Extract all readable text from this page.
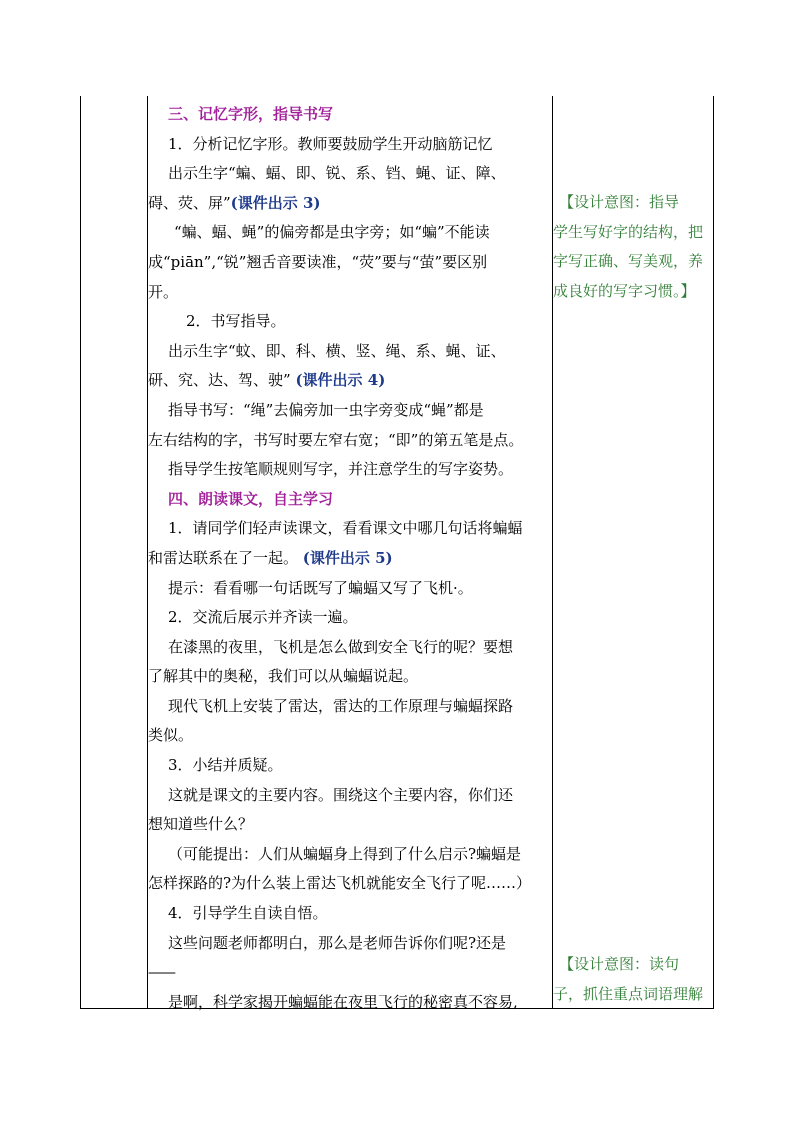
三、记忆字形，指导书写
1．分析记忆字形。教师要鼓励学生开动脑筋记忆
出示生字“蝙、蝠、即、锐、系、铛、蝇、证、障、
碍、荧、屏”(课件出示 3)
“蝙、蝠、蝇”的偏旁都是虫字旁；如“蝙”不能读
成“piān”,“锐”翘舌音要读准，“荧”要与“萤”要区别
开。
2．书写指导。
出示生字“蚊、即、科、横、竖、绳、系、蝇、证、
研、究、达、驾、驶” (课件出示 4)
指导书写：“绳”去偏旁加一虫字旁变成“蝇”都是
左右结构的字，书写时要左窄右宽；“即”的第五笔是点。
指导学生按笔顺规则写字，并注意学生的写字姿势。
四、朗读课文，自主学习
1．请同学们轻声读课文，看看课文中哪几句话将蝙蝠
和雷达联系在了一起。 (课件出示 5)
提示：看看哪一句话既写了蝙蝠又写了飞机·。
2．交流后展示并齐读一遍。
在漆黑的夜里，飞机是怎么做到安全飞行的呢？要想
了解其中的奥秘，我们可以从蝙蝠说起。
现代飞机上安装了雷达，雷达的工作原理与蝙蝠探路
类似。
3．小结并质疑。
这就是课文的主要内容。围绕这个主要内容，你们还
想知道些什么？
（可能提出：人们从蝙蝠身上得到了什么启示?蝙蝠是
怎样探路的?为什么装上雷达飞机就能安全飞行了呢……）
4．引导学生自读自悟。
这些问题老师都明白，那么是老师告诉你们呢?还是
——
是啊，科学家揭开蝙蝠能在夜里飞行的秘密真不容易,
【设计意图：指导
学生写好字的结构，把
字写正确、写美观，养
成良好的写字习惯。】
【设计意图：读句
子，抓住重点词语理解
